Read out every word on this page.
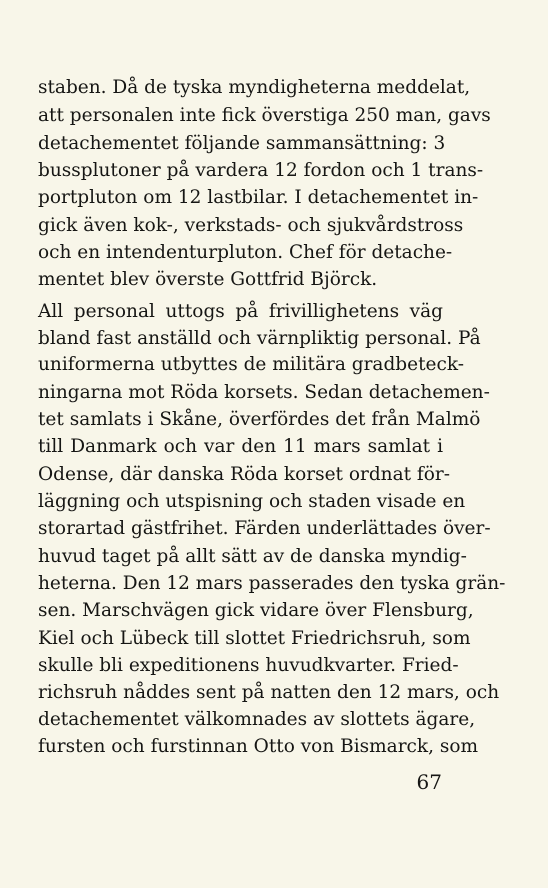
staben. Då de tyska myndigheterna meddelat,
att personalen inte fick överstiga 250 man, gavs
detachementet följande sammansättning: 3
bussplutoner på vardera 12 fordon och 1 trans-
portpluton om 12 lastbilar. I detachementet in-
gick även kok-, verkstads- och sjukvårdstross
och en intendenturpluton. Chef för detache-
mentet blev överste Gottfrid Björck.
All personal uttogs på frivillighetens väg
bland fast anställd och värnpliktig personal. På
uniformerna utbyttes de militära gradbeteck-
ningarna mot Röda korsets. Sedan detachemen-
tet samlats i Skåne, överfördes det från Malmö
till Danmark och var den 11 mars samlat i
Odense, där danska Röda korset ordnat för-
läggning och utspisning och staden visade en
storartad gästfrihet. Färden underlättades över-
huvud taget på allt sätt av de danska myndig-
heterna. Den 12 mars passerades den tyska grän-
sen. Marschvägen gick vidare över Flensburg,
Kiel och Lübeck till slottet Friedrichsruh, som
skulle bli expeditionens huvudkvarter. Fried-
richsruh nåddes sent på natten den 12 mars, och
detachementet välkomnades av slottets ägare,
fursten och furstinnan Otto von Bismarck, som
67
